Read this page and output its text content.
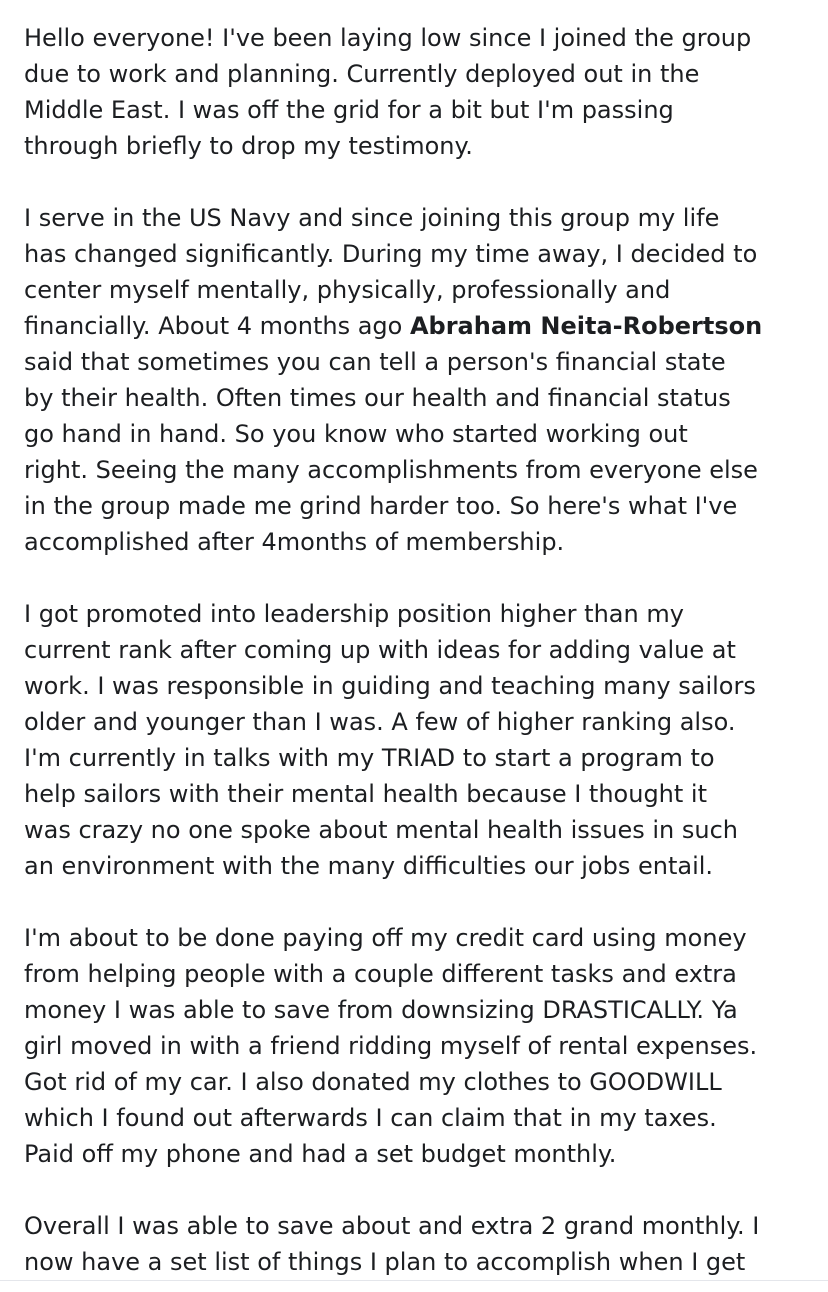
Hello everyone! I've been laying low since I joined the group
due to work and planning. Currently deployed out in the
Middle East. I was off the grid for a bit but I'm passing
through briefly to drop my testimony.
I serve in the US Navy and since joining this group my life
has changed significantly. During my time away, I decided to
center myself mentally, physically, professionally and
financially. About 4 months ago Abraham Neita-Robertson
said that sometimes you can tell a person's financial state
by their health. Often times our health and financial status
go hand in hand. So you know who started working out
right. Seeing the many accomplishments from everyone else
in the group made me grind harder too. So here's what I've
accomplished after 4months of membership.
I got promoted into leadership position higher than my
current rank after coming up with ideas for adding value at
work. I was responsible in guiding and teaching many sailors
older and younger than I was. A few of higher ranking also.
I'm currently in talks with my TRIAD to start a program to
help sailors with their mental health because I thought it
was crazy no one spoke about mental health issues in such
an environment with the many difficulties our jobs entail.
I'm about to be done paying off my credit card using money
from helping people with a couple different tasks and extra
money I was able to save from downsizing DRASTICALLY. Ya
girl moved in with a friend ridding myself of rental expenses.
Got rid of my car. I also donated my clothes to GOODWILL
which I found out afterwards I can claim that in my taxes.
Paid off my phone and had a set budget monthly.
Overall I was able to save about and extra 2 grand monthly. I
now have a set list of things I plan to accomplish when I get
